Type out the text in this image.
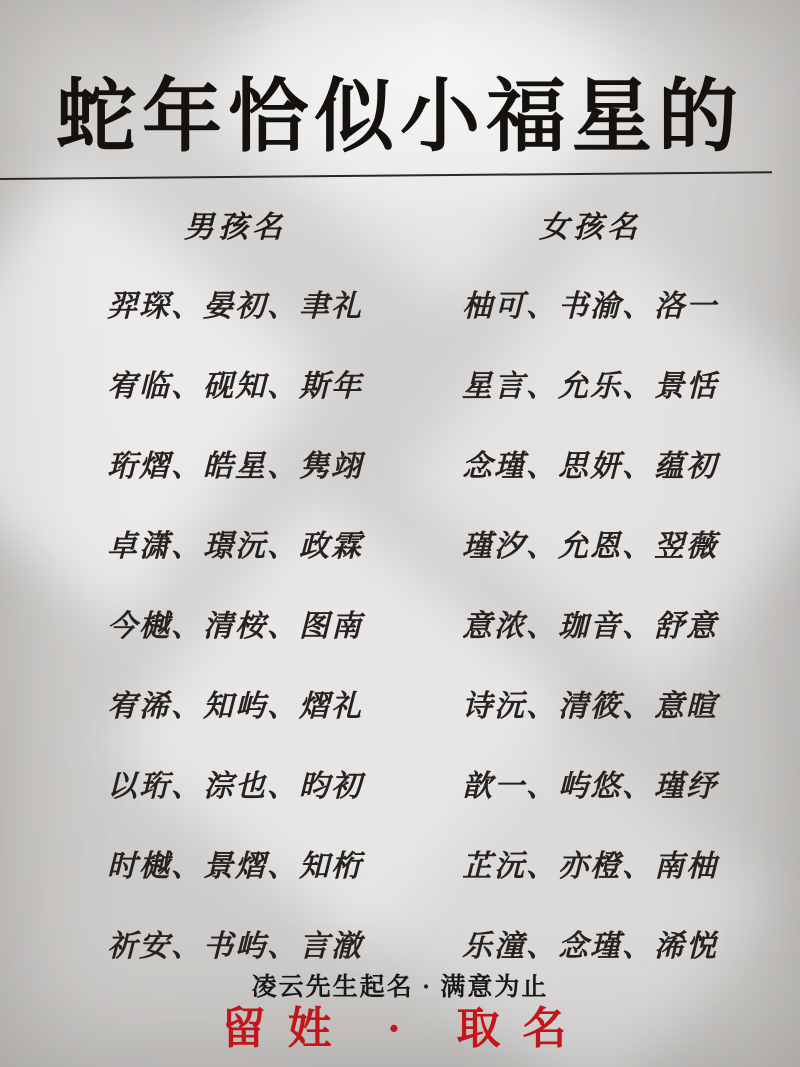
蛇年恰似小福星的
男孩名
羿琛、晏初、聿礼
宥临、砚知、斯年
珩熠、皓星、隽翊
卓潇、璟沅、政霖
今樾、清桉、图南
宥浠、知屿、熠礼
以珩、淙也、昀初
时樾、景熠、知桁
祈安、书屿、言澈
女孩名
柚可、书渝、洛一
星言、允乐、景恬
念瑾、思妍、蕴初
瑾汐、允恩、翌薇
意浓、珈音、舒意
诗沅、清筱、意暄
歆一、屿悠、瑾纾
芷沅、亦橙、南柚
乐潼、念瑾、浠悦
凌云先生起名 · 满意为止
留姓 · 取名
